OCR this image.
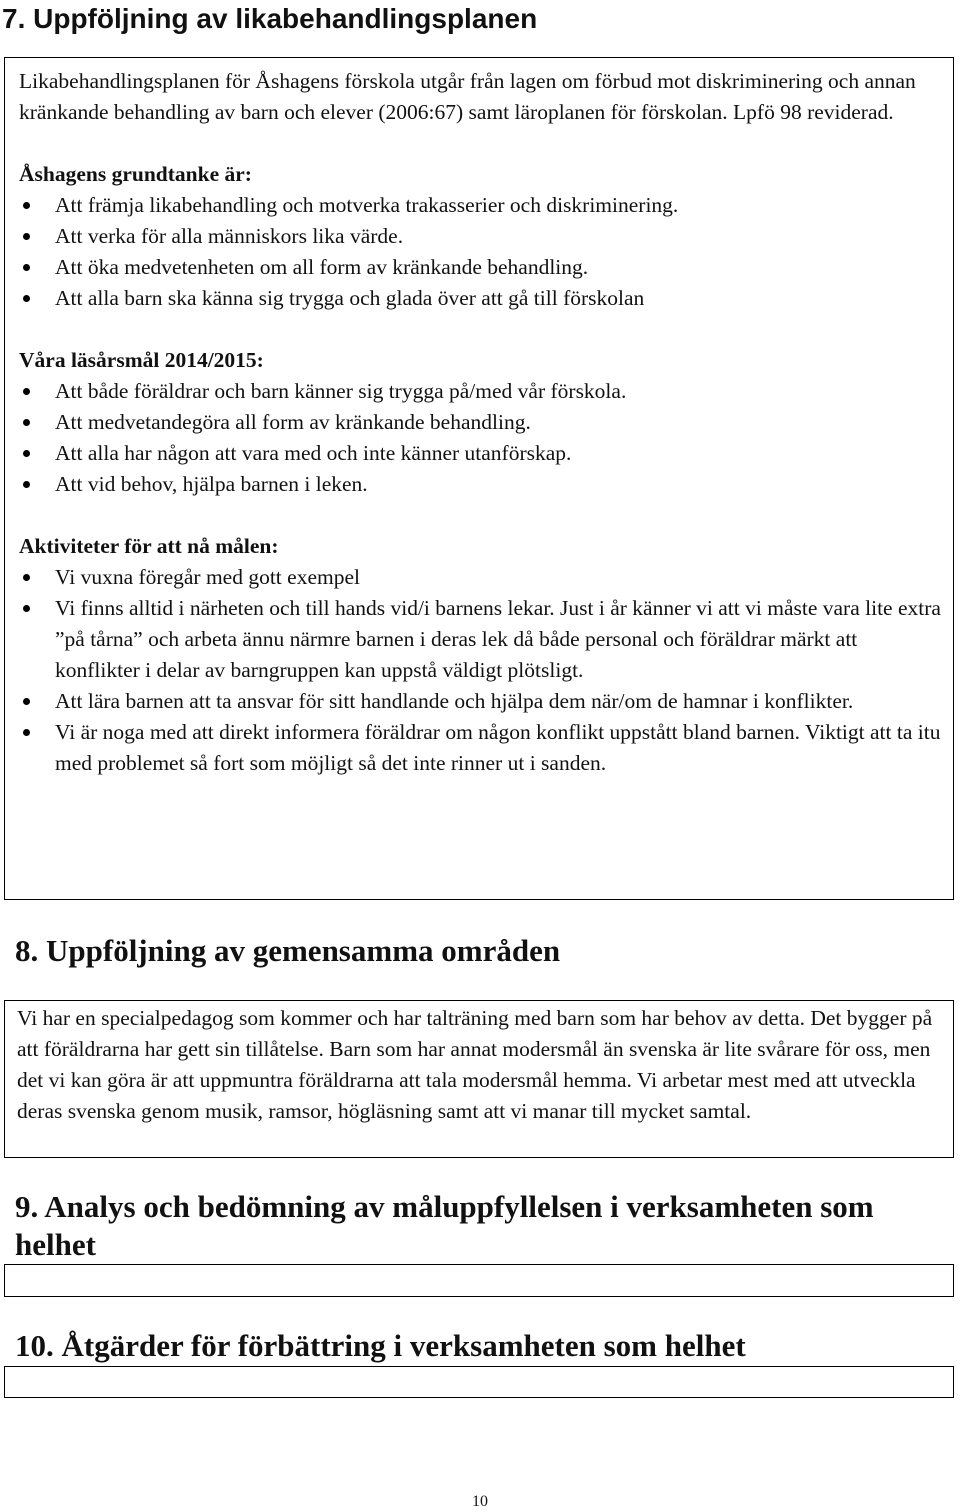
7. Uppföljning av likabehandlingsplanen

Likabehandlingsplanen för Åshagens förskola utgår från lagen om förbud mot diskriminering och annan kränkande behandling av barn och elever (2006:67) samt läroplanen för förskolan. Lpfö 98 reviderad.

Åshagens grundtanke är:

Att främja likabehandling och motverka trakasserier och diskriminering.
Att verka för alla människors lika värde.
Att öka medvetenheten om all form av kränkande behandling.
Att alla barn ska känna sig trygga och glada över att gå till förskolan

Våra läsårsmål 2014/2015:

Att både föräldrar och barn känner sig trygga på/med vår förskola.
Att medvetandegöra all form av kränkande behandling.
Att alla har någon att vara med och inte känner utanförskap.
Att vid behov, hjälpa barnen i leken.

Aktiviteter för att nå målen:

Vi vuxna föregår med gott exempel
Vi finns alltid i närheten och till hands vid/i barnens lekar. Just i år känner vi att vi måste vara lite extra ”på tårna” och arbeta ännu närmre barnen i deras lek då både personal och föräldrar märkt att konflikter i delar av barngruppen kan uppstå väldigt plötsligt.
Att lära barnen att ta ansvar för sitt handlande och hjälpa dem när/om de hamnar i konflikter.
Vi är noga med att direkt informera föräldrar om någon konflikt uppstått bland barnen. Viktigt att ta itu med problemet så fort som möjligt så det inte rinner ut i sanden.
8. Uppföljning av gemensamma områden

Vi har en specialpedagog som kommer och har talträning med barn som har behov av detta. Det bygger på att föräldrarna har gett sin tillåtelse. Barn som har annat modersmål än svenska är lite svårare för oss, men det vi kan göra är att uppmuntra föräldrarna att tala modersmål hemma. Vi arbetar mest med att utveckla deras svenska genom musik, ramsor, högläsning samt att vi manar till mycket samtal.

9. Analys och bedömning av måluppfyllelsen i verksamheten som helhet
10. Åtgärder för förbättring i verksamheten som helhet
10
